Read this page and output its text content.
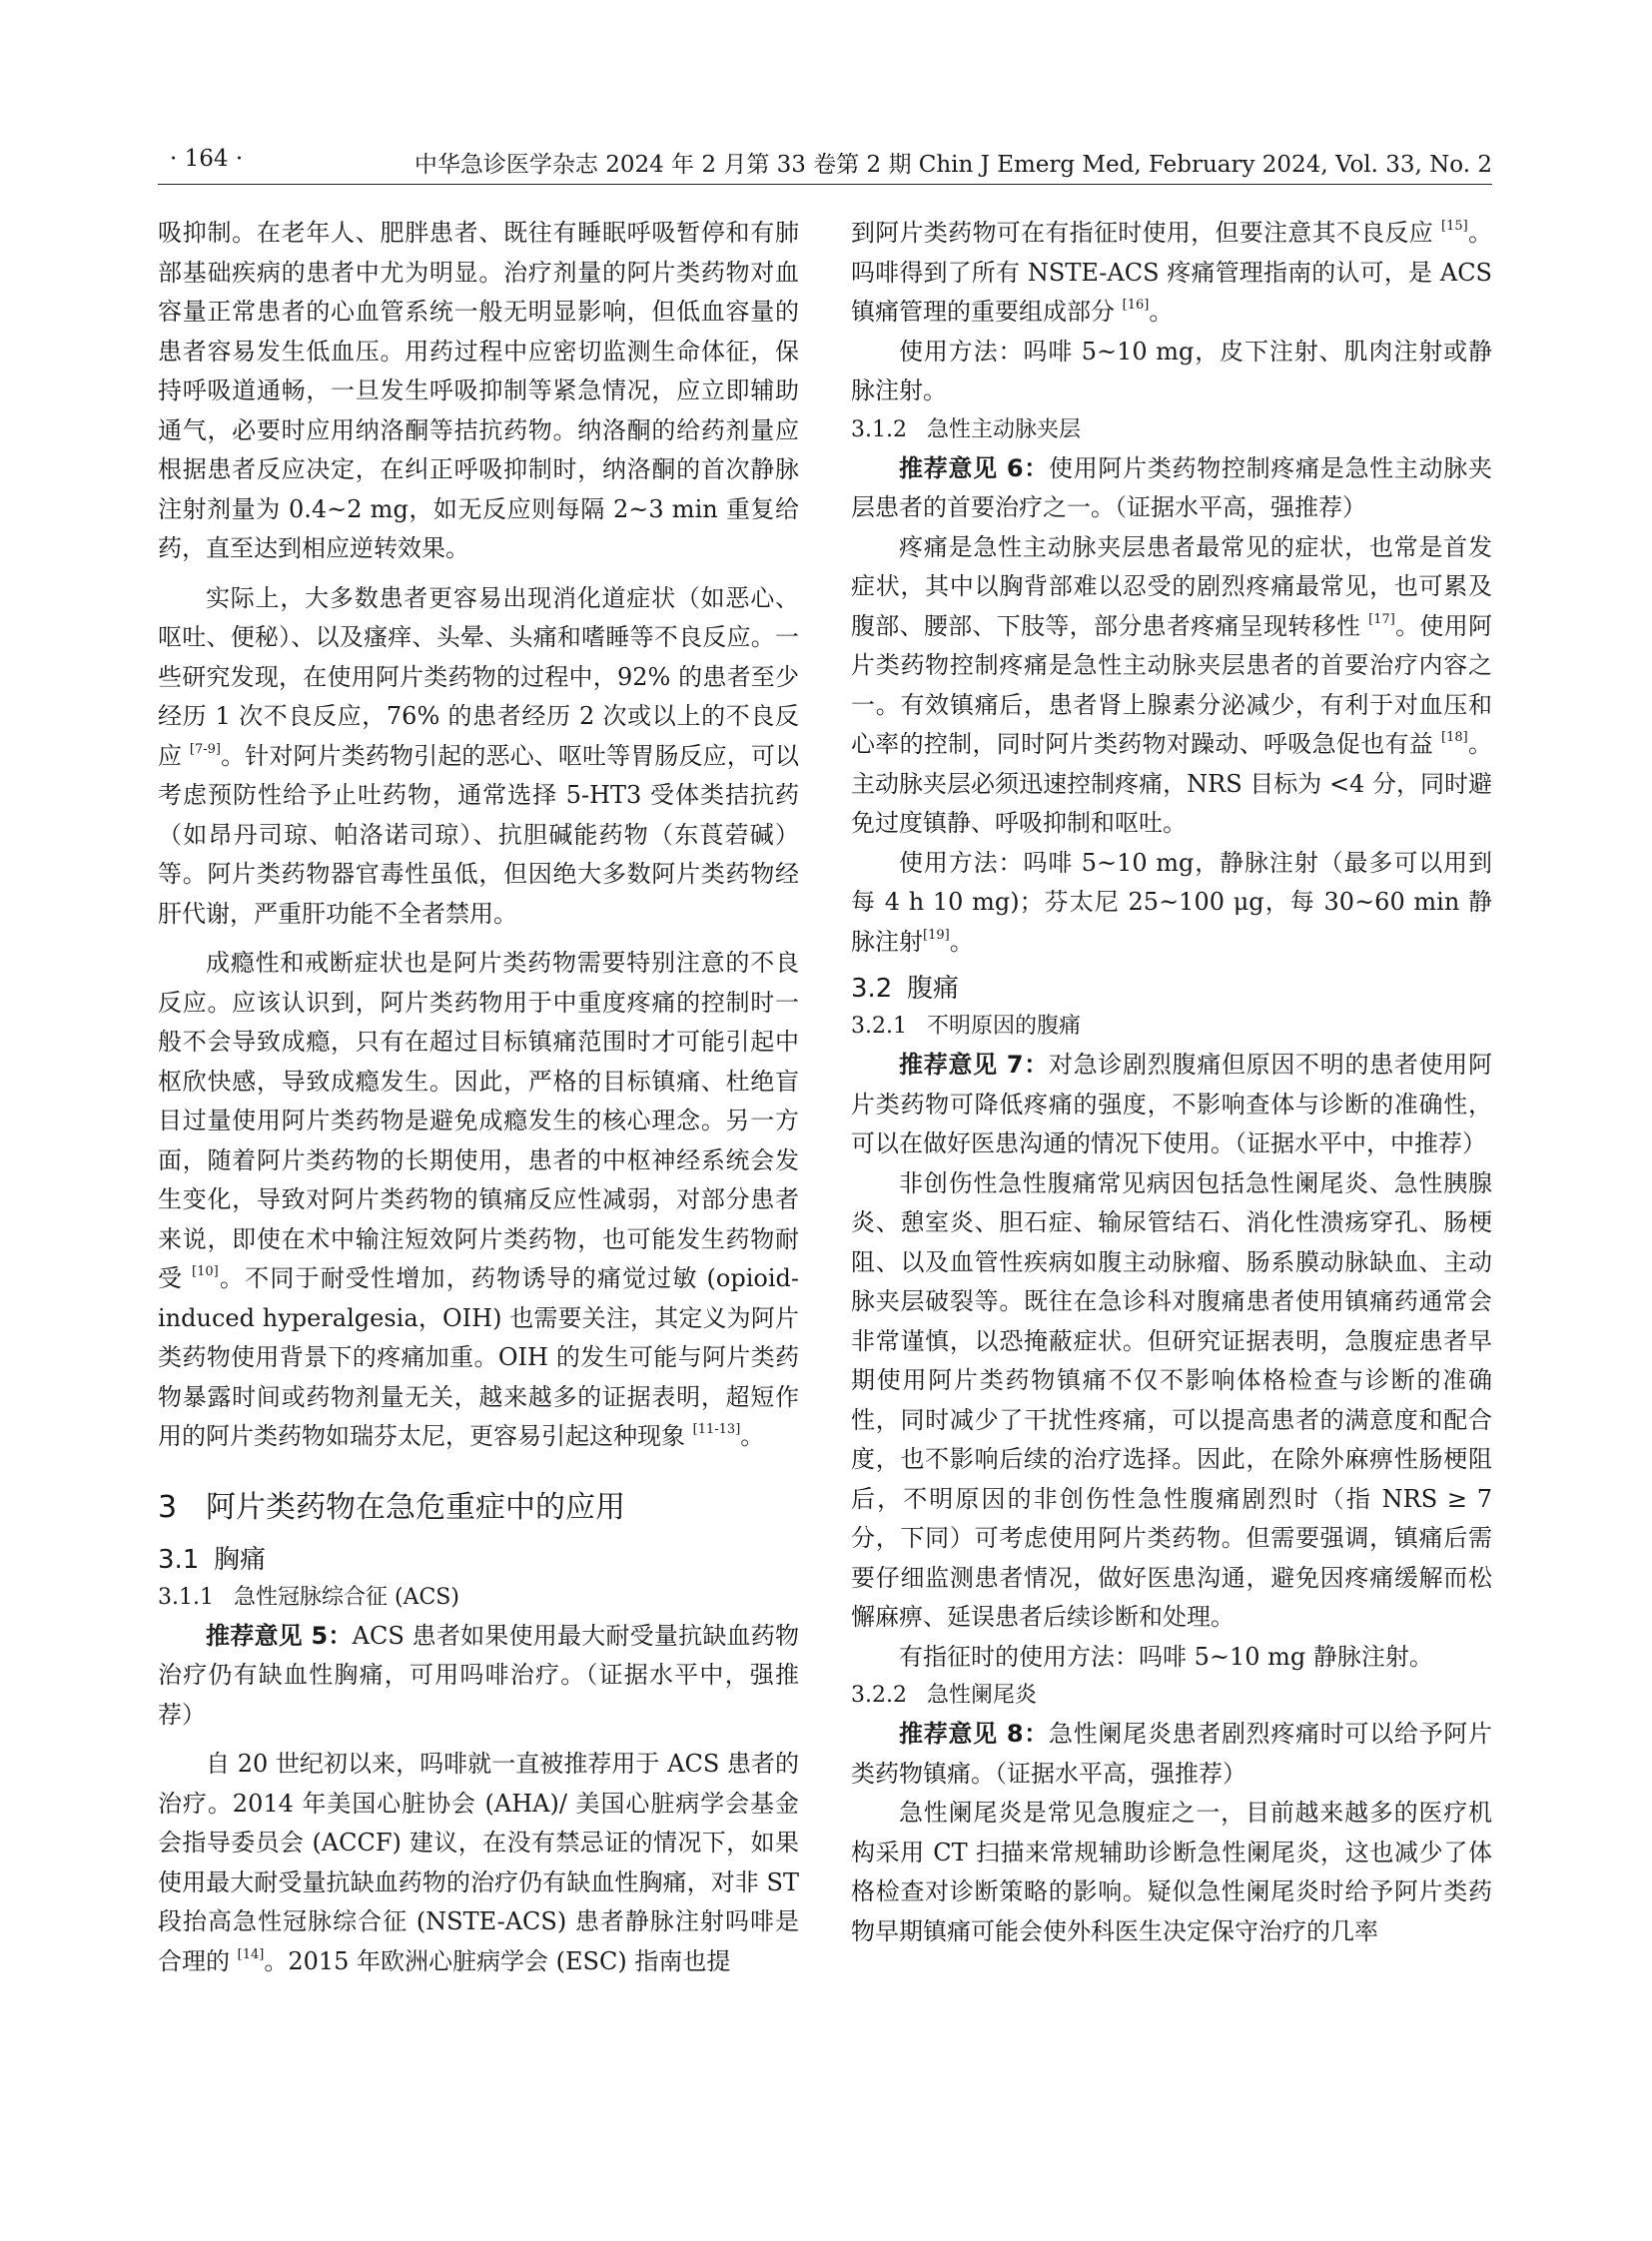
· 164 ·	中华急诊医学杂志 2024 年 2 月第 33 卷第 2 期 Chin J Emerg Med, February 2024, Vol. 33, No. 2

吸抑制。在老年人、肥胖患者、既往有睡眠呼吸暂停和有肺部基础疾病的患者中尤为明显。治疗剂量的阿片类药物对血容量正常患者的心血管系统一般无明显影响，但低血容量的患者容易发生低血压。用药过程中应密切监测生命体征，保持呼吸道通畅，一旦发生呼吸抑制等紧急情况，应立即辅助通气，必要时应用纳洛酮等拮抗药物。纳洛酮的给药剂量应根据患者反应决定，在纠正呼吸抑制时，纳洛酮的首次静脉注射剂量为 0.4~2 mg，如无反应则每隔 2~3 min 重复给药，直至达到相应逆转效果。

实际上，大多数患者更容易出现消化道症状（如恶心、呕吐、便秘）、以及瘙痒、头晕、头痛和嗜睡等不良反应。一些研究发现，在使用阿片类药物的过程中，92% 的患者至少经历 1 次不良反应，76% 的患者经历 2 次或以上的不良反应 [7-9]。针对阿片类药物引起的恶心、呕吐等胃肠反应，可以考虑预防性给予止吐药物，通常选择 5-HT3 受体类拮抗药（如昂丹司琼、帕洛诺司琼）、抗胆碱能药物（东莨菪碱）等。阿片类药物器官毒性虽低，但因绝大多数阿片类药物经肝代谢，严重肝功能不全者禁用。

成瘾性和戒断症状也是阿片类药物需要特别注意的不良反应。应该认识到，阿片类药物用于中重度疼痛的控制时一般不会导致成瘾，只有在超过目标镇痛范围时才可能引起中枢欣快感，导致成瘾发生。因此，严格的目标镇痛、杜绝盲目过量使用阿片类药物是避免成瘾发生的核心理念。另一方面，随着阿片类药物的长期使用，患者的中枢神经系统会发生变化，导致对阿片类药物的镇痛反应性减弱，对部分患者来说，即使在术中输注短效阿片类药物，也可能发生药物耐受 [10]。不同于耐受性增加，药物诱导的痛觉过敏 (opioid-induced hyperalgesia，OIH) 也需要关注，其定义为阿片类药物使用背景下的疼痛加重。OIH 的发生可能与阿片类药物暴露时间或药物剂量无关，越来越多的证据表明，超短作用的阿片类药物如瑞芬太尼，更容易引起这种现象 [11-13]。

3 阿片类药物在急危重症中的应用
3.1 胸痛
3.1.1 急性冠脉综合征 (ACS)

推荐意见 5：ACS 患者如果使用最大耐受量抗缺血药物治疗仍有缺血性胸痛，可用吗啡治疗。（证据水平中，强推荐）

自 20 世纪初以来，吗啡就一直被推荐用于 ACS 患者的治疗。2014 年美国心脏协会 (AHA)/ 美国心脏病学会基金会指导委员会 (ACCF) 建议，在没有禁忌证的情况下，如果使用最大耐受量抗缺血药物的治疗仍有缺血性胸痛，对非 ST 段抬高急性冠脉综合征 (NSTE-ACS) 患者静脉注射吗啡是合理的 [14]。2015 年欧洲心脏病学会 (ESC) 指南也提

到阿片类药物可在有指征时使用，但要注意其不良反应 [15]。吗啡得到了所有 NSTE-ACS 疼痛管理指南的认可，是 ACS 镇痛管理的重要组成部分 [16]。

使用方法：吗啡 5~10 mg，皮下注射、肌肉注射或静脉注射。

3.1.2 急性主动脉夹层

推荐意见 6：使用阿片类药物控制疼痛是急性主动脉夹层患者的首要治疗之一。（证据水平高，强推荐）

疼痛是急性主动脉夹层患者最常见的症状，也常是首发症状，其中以胸背部难以忍受的剧烈疼痛最常见，也可累及腹部、腰部、下肢等，部分患者疼痛呈现转移性 [17]。使用阿片类药物控制疼痛是急性主动脉夹层患者的首要治疗内容之一。有效镇痛后，患者肾上腺素分泌减少，有利于对血压和心率的控制，同时阿片类药物对躁动、呼吸急促也有益 [18]。主动脉夹层必须迅速控制疼痛，NRS 目标为 <4 分，同时避免过度镇静、呼吸抑制和呕吐。

使用方法：吗啡 5~10 mg，静脉注射（最多可以用到每 4 h 10 mg)；芬太尼 25~100 μg，每 30~60 min 静脉注射[19]。

3.2 腹痛
3.2.1 不明原因的腹痛

推荐意见 7：对急诊剧烈腹痛但原因不明的患者使用阿片类药物可降低疼痛的强度，不影响查体与诊断的准确性，可以在做好医患沟通的情况下使用。（证据水平中，中推荐）

非创伤性急性腹痛常见病因包括急性阑尾炎、急性胰腺炎、憩室炎、胆石症、输尿管结石、消化性溃疡穿孔、肠梗阻、以及血管性疾病如腹主动脉瘤、肠系膜动脉缺血、主动脉夹层破裂等。既往在急诊科对腹痛患者使用镇痛药通常会非常谨慎，以恐掩蔽症状。但研究证据表明，急腹症患者早期使用阿片类药物镇痛不仅不影响体格检查与诊断的准确性，同时减少了干扰性疼痛，可以提高患者的满意度和配合度，也不影响后续的治疗选择。因此，在除外麻痹性肠梗阻后，不明原因的非创伤性急性腹痛剧烈时（指 NRS ≥ 7 分，下同）可考虑使用阿片类药物。但需要强调，镇痛后需要仔细监测患者情况，做好医患沟通，避免因疼痛缓解而松懈麻痹、延误患者后续诊断和处理。

有指征时的使用方法：吗啡 5~10 mg 静脉注射。

3.2.2 急性阑尾炎

推荐意见 8：急性阑尾炎患者剧烈疼痛时可以给予阿片类药物镇痛。（证据水平高，强推荐）

急性阑尾炎是常见急腹症之一，目前越来越多的医疗机构采用 CT 扫描来常规辅助诊断急性阑尾炎，这也减少了体格检查对诊断策略的影响。疑似急性阑尾炎时给予阿片类药物早期镇痛可能会使外科医生决定保守治疗的几率
